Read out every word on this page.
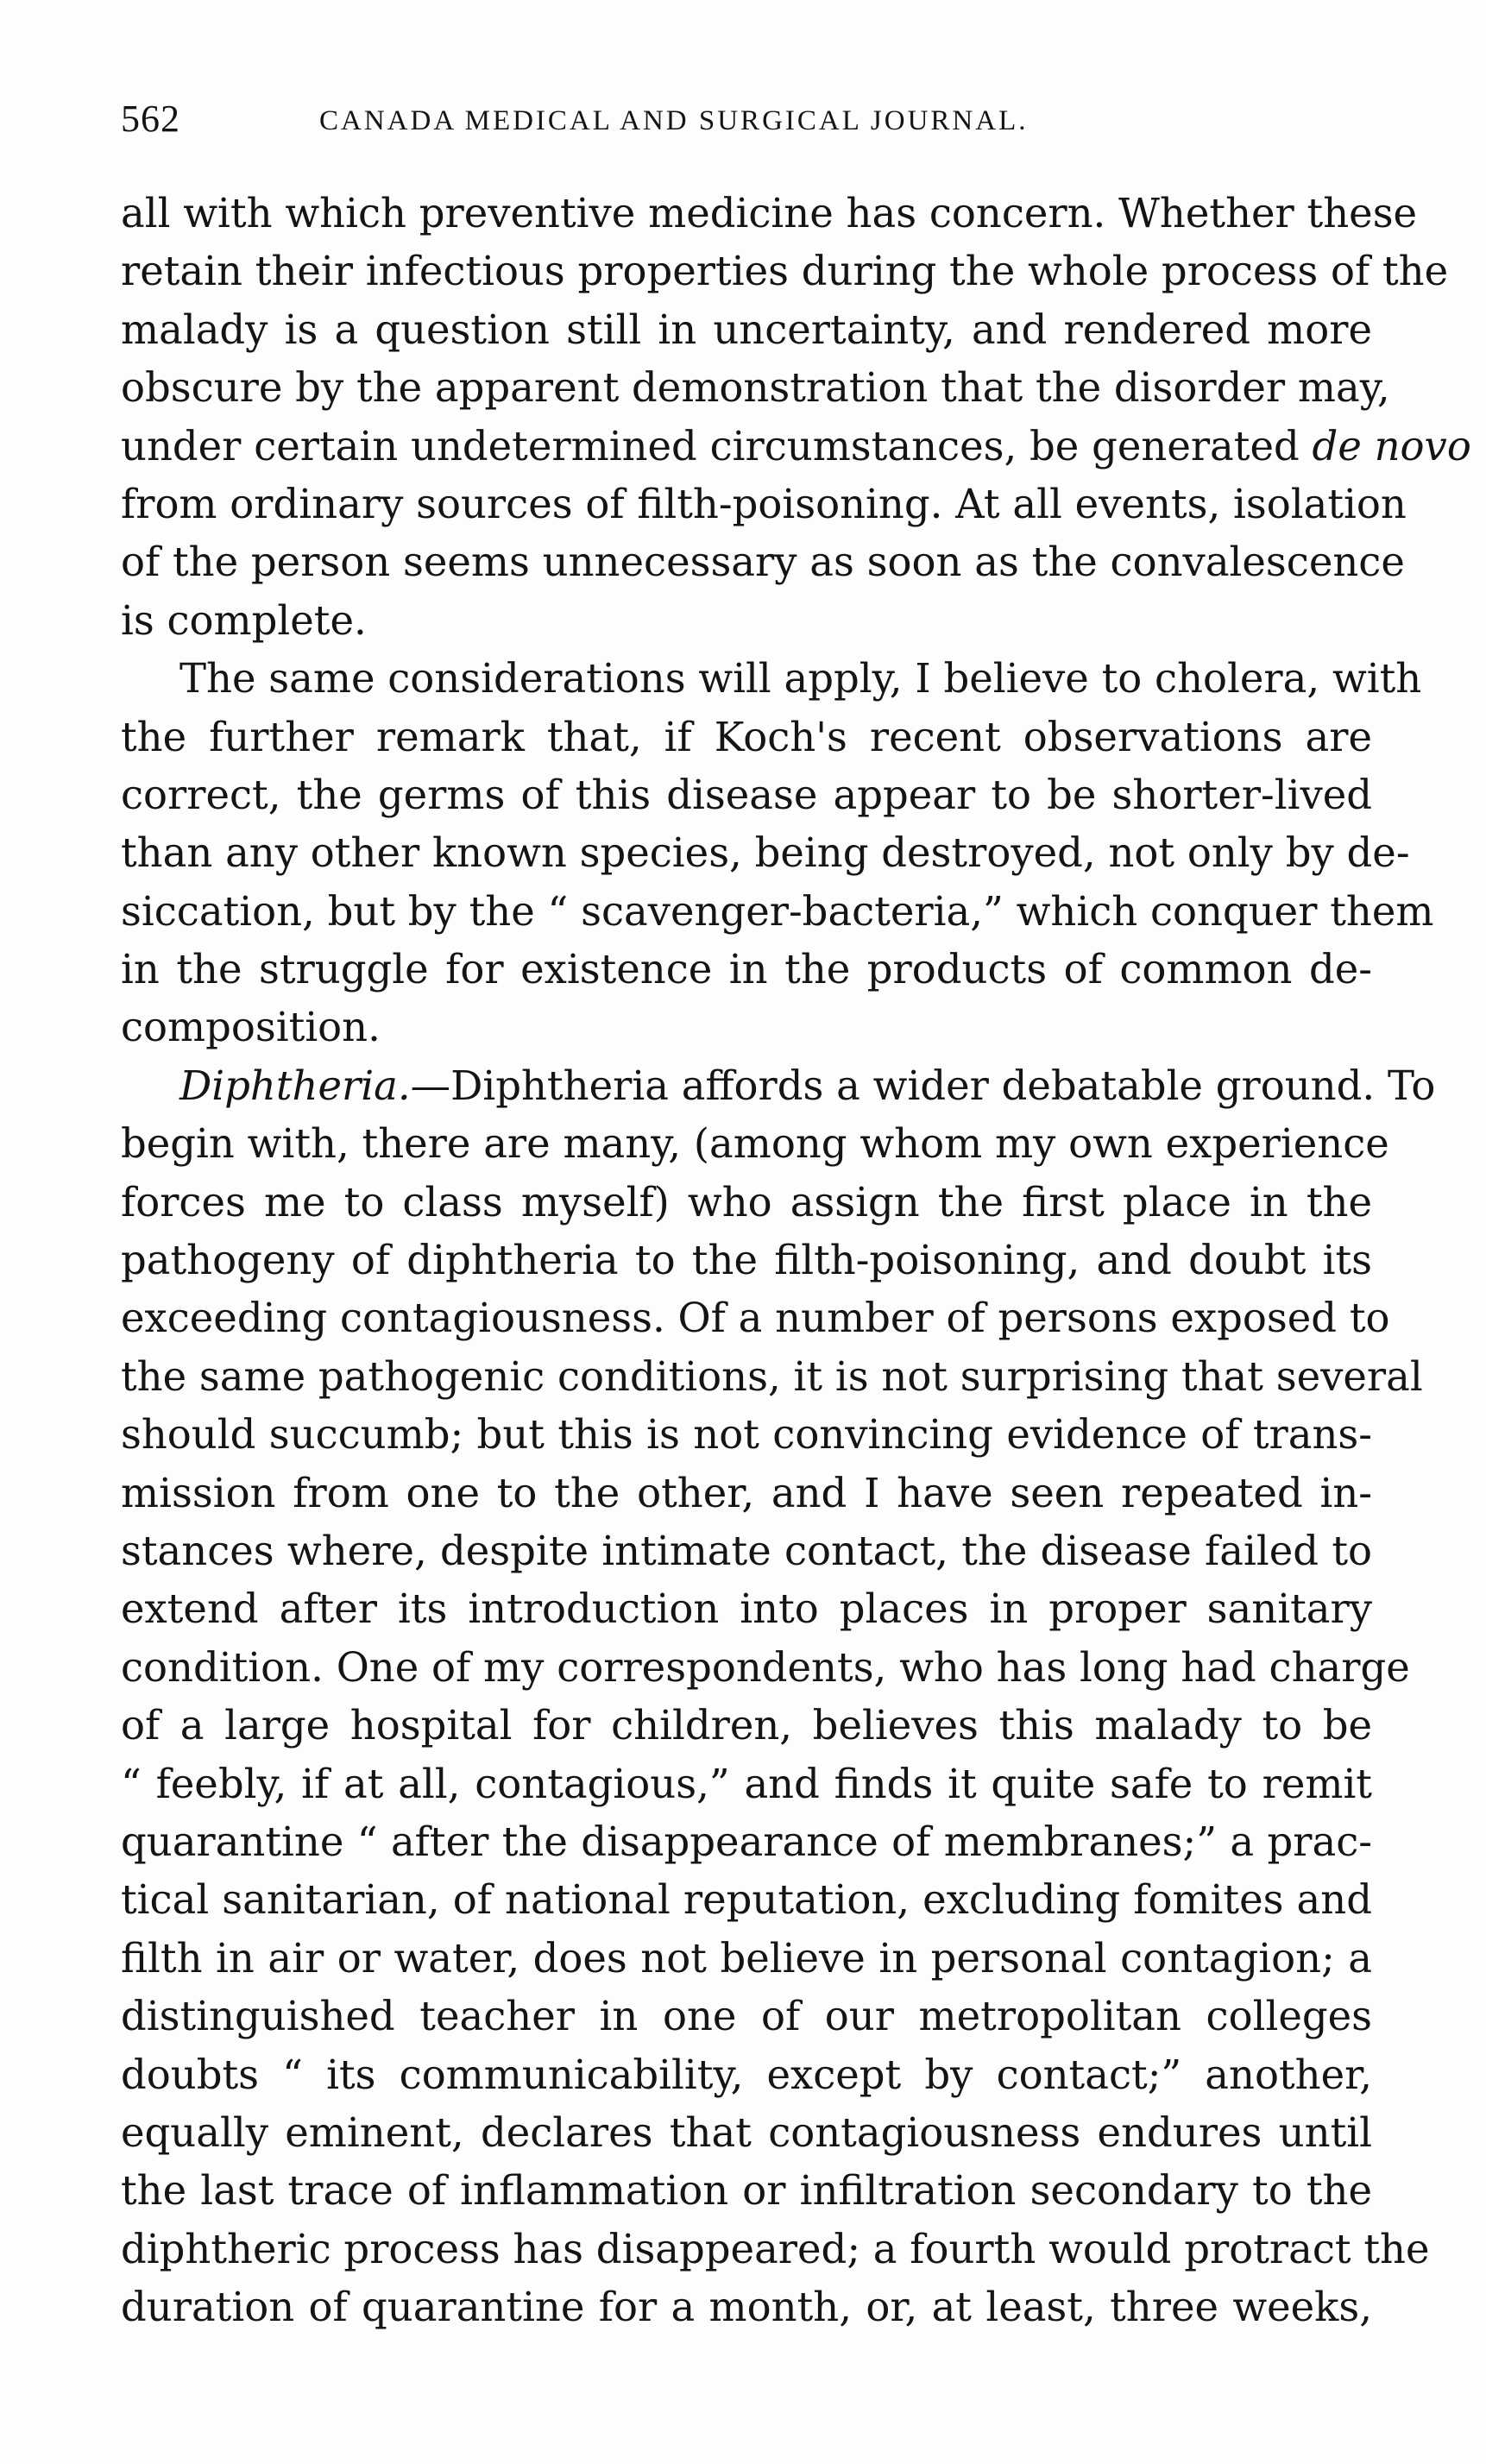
562	CANADA MEDICAL AND SURGICAL JOURNAL.
all with which preventive medicine has concern. Whether these
retain their infectious properties during the whole process of the
malady is a question still in uncertainty, and rendered more
obscure by the apparent demonstration that the disorder may,
under certain undetermined circumstances, be generated de novo
from ordinary sources of filth-poisoning. At all events, isolation
of the person seems unnecessary as soon as the convalescence
is complete.
The same considerations will apply, I believe to cholera, with
the further remark that, if Koch's recent observations are
correct, the germs of this disease appear to be shorter-lived
than any other known species, being destroyed, not only by de-
siccation, but by the “ scavenger-bacteria,” which conquer them
in the struggle for existence in the products of common de-
composition.
Diphtheria.—Diphtheria affords a wider debatable ground. To
begin with, there are many, (among whom my own experience
forces me to class myself) who assign the first place in the
pathogeny of diphtheria to the filth-poisoning, and doubt its
exceeding contagiousness. Of a number of persons exposed to
the same pathogenic conditions, it is not surprising that several
should succumb; but this is not convincing evidence of trans-
mission from one to the other, and I have seen repeated in-
stances where, despite intimate contact, the disease failed to
extend after its introduction into places in proper sanitary
condition. One of my correspondents, who has long had charge
of a large hospital for children, believes this malady to be
“ feebly, if at all, contagious,” and finds it quite safe to remit
quarantine “ after the disappearance of membranes;” a prac-
tical sanitarian, of national reputation, excluding fomites and
filth in air or water, does not believe in personal contagion; a
distinguished teacher in one of our metropolitan colleges
doubts “ its communicability, except by contact;” another,
equally eminent, declares that contagiousness endures until
the last trace of inflammation or infiltration secondary to the
diphtheric process has disappeared; a fourth would protract the
duration of quarantine for a month, or, at least, three weeks,
